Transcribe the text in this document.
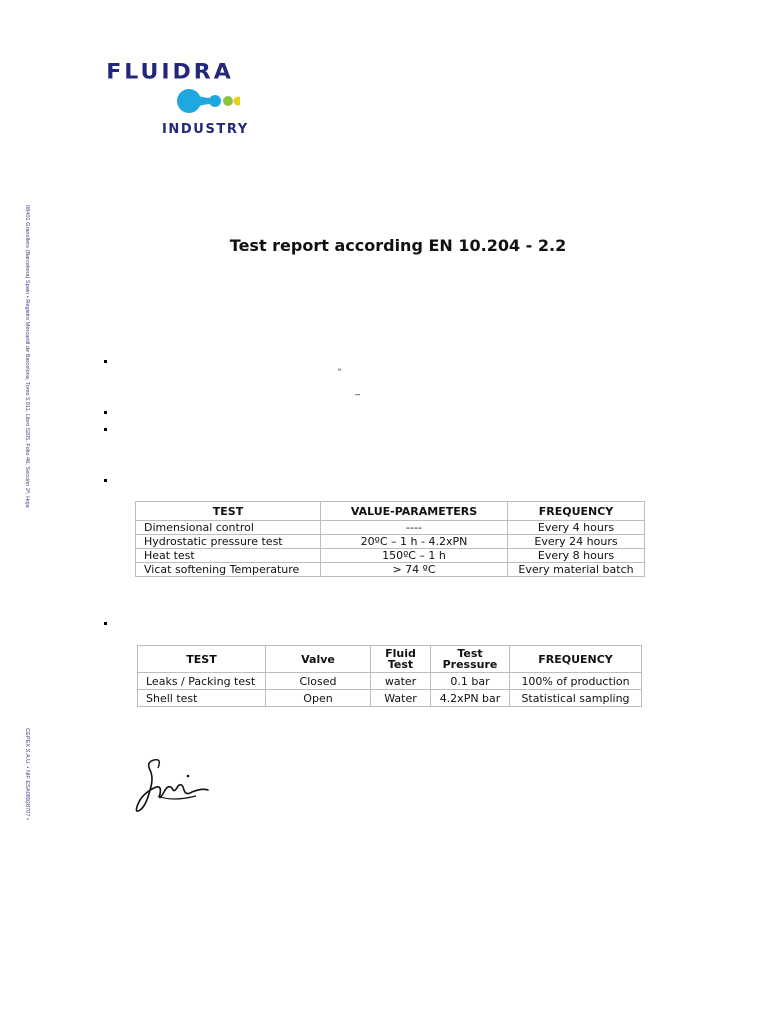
FLUIDRA
INDUSTRY
08401 Granollers (Barcelona) Spain • Registro Mercantil de Barcelona, Tomo 5.911, Libro 5205, Folio 46, Sección 2ª, Hoja
CEPEX S.A.U. • NIF ESA08928707 •
Test report according EN 10.204 - 2.2
“
–
TEST	VALUE-PARAMETERS	FREQUENCY
Dimensional control	----	Every 4 hours
Hydrostatic pressure test	20ºC – 1 h - 4.2xPN	Every 24 hours
Heat test	150ºC – 1 h	Every 8 hours
Vicat softening Temperature	> 74 ºC	Every material batch
TEST	Valve	Fluid Test	Test Pressure	FREQUENCY
Leaks / Packing test	Closed	water	0.1 bar	100% of production
Shell test	Open	Water	4.2xPN bar	Statistical sampling
